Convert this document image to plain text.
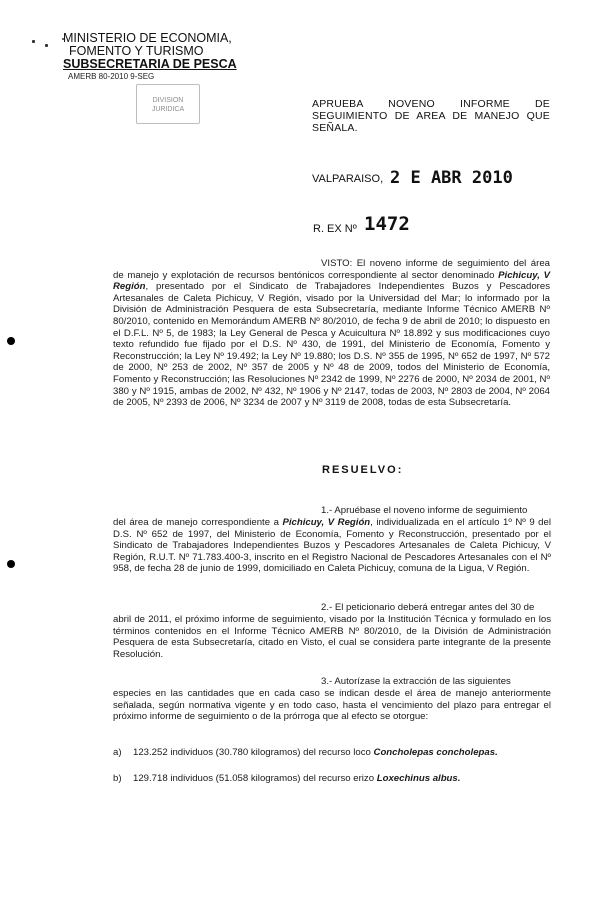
MINISTERIO DE ECONOMIA,
FOMENTO Y TURISMO
SUBSECRETARIA DE PESCA
AMERB 80-2010 9-SEG
DIVISION
JURIDICA	APRUEBA NOVENO INFORME DE
SEGUIMIENTO DE AREA DE MANEJO QUE
SEÑALA.
VALPARAISO, 2 E ABR 2010
R. EX Nº 1472
VISTO: El noveno informe de seguimiento del área de manejo y explotación de recursos bentónicos correspondiente al sector denominado Pichicuy, V Región, presentado por el Sindicato de Trabajadores Independientes Buzos y Pescadores Artesanales de Caleta Pichicuy, V Región, visado por la Universidad del Mar; lo informado por la División de Administración Pesquera de esta Subsecretaría, mediante Informe Técnico AMERB Nº 80/2010, contenido en Memorándum AMERB Nº 80/2010, de fecha 9 de abril de 2010; lo dispuesto en el D.F.L. Nº 5, de 1983; la Ley General de Pesca y Acuicultura Nº 18.892 y sus modificaciones cuyo texto refundido fue fijado por el D.S. Nº 430, de 1991, del Ministerio de Economía, Fomento y Reconstrucción; la Ley Nº 19.492; la Ley Nº 19.880; los D.S. Nº 355 de 1995, Nº 652 de 1997, Nº 572 de 2000, Nº 253 de 2002, Nº 357 de 2005 y Nº 48 de 2009, todos del Ministerio de Economía, Fomento y Reconstrucción; las Resoluciones Nº 2342 de 1999, Nº 2276 de 2000, Nº 2034 de 2001, Nº 380 y Nº 1915, ambas de 2002, Nº 432, Nº 1906 y Nº 2147, todas de 2003, Nº 2803 de 2004, Nº 2064 de 2005, Nº 2393 de 2006, Nº 3234 de 2007 y Nº 3119 de 2008, todas de esta Subsecretaría.
RESUELVO:
1.- Apruébase el noveno informe de seguimiento
del área de manejo correspondiente a Pichicuy, V Región, individualizada en el artículo 1º Nº 9 del D.S. Nº 652 de 1997, del Ministerio de Economía, Fomento y Reconstrucción, presentado por el Sindicato de Trabajadores Independientes Buzos y Pescadores Artesanales de Caleta Pichicuy, V Región, R.U.T. Nº 71.783.400-3, inscrito en el Registro Nacional de Pescadores Artesanales con el Nº 958, de fecha 28 de junio de 1999, domiciliado en Caleta Pichicuy, comuna de la Ligua, V Región.
2.- El peticionario deberá entregar antes del 30 de
abril de 2011, el próximo informe de seguimiento, visado por la Institución Técnica y formulado en los términos contenidos en el Informe Técnico AMERB Nº 80/2010, de la División de Administración Pesquera de esta Subsecretaría, citado en Visto, el cual se considera parte integrante de la presente Resolución.
3.- Autorízase la extracción de las siguientes
especies en las cantidades que en cada caso se indican desde el área de manejo anteriormente señalada, según normativa vigente y en todo caso, hasta el vencimiento del plazo para entregar el próximo informe de seguimiento o de la prórroga que al efecto se otorgue:
a) 123.252 individuos (30.780 kilogramos) del recurso loco Concholepas concholepas.
b) 129.718 individuos (51.058 kilogramos) del recurso erizo Loxechinus albus.
